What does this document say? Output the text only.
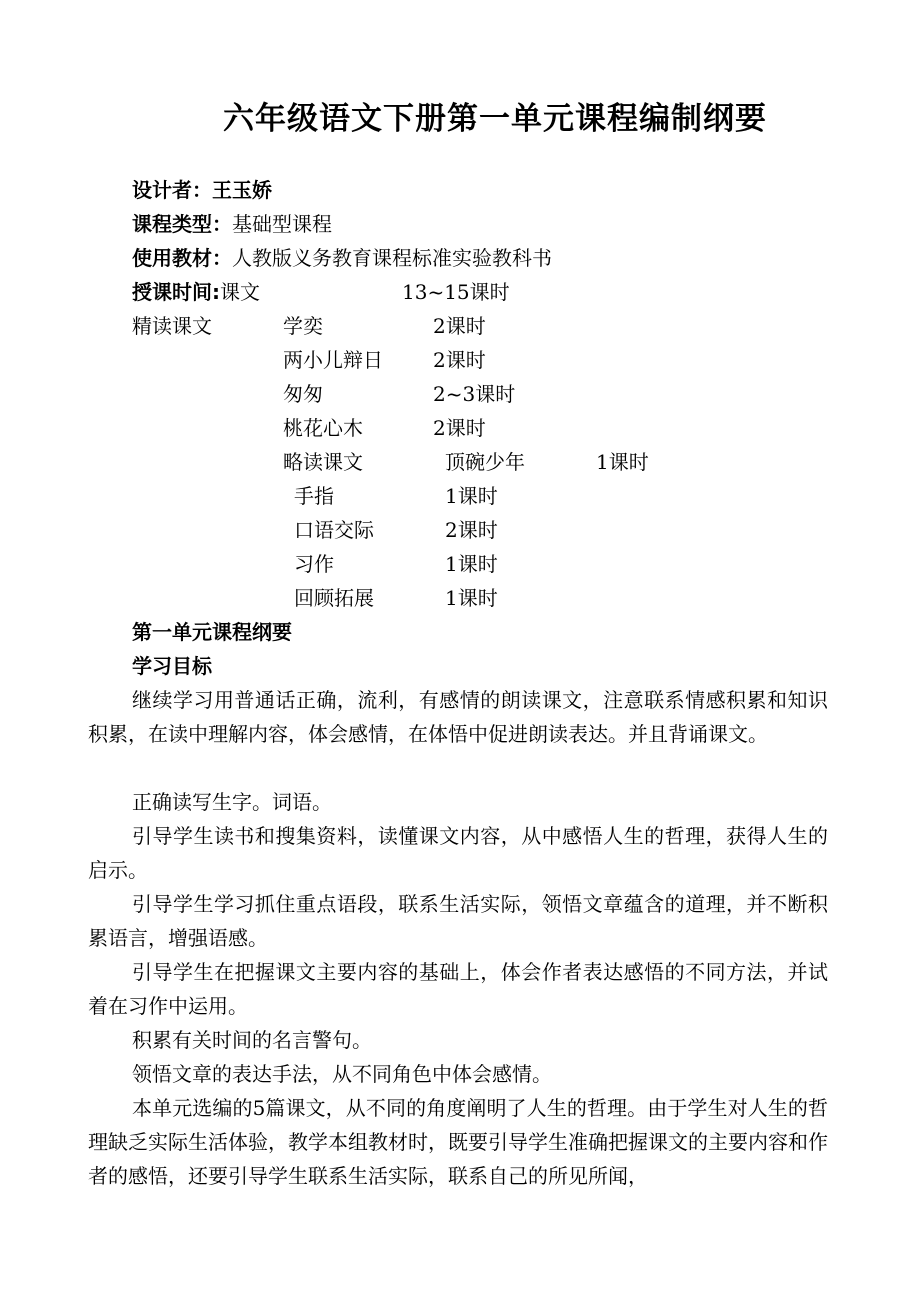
六年级语文下册第一单元课程编制纲要
设计者：王玉娇
课程类型：基础型课程
使用教材：人教版义务教育课程标准实验教科书
授课时间:课文	13~15课时
精读课文	学奕	2课时
两小儿辩日	2课时
匆匆	2~3课时
桃花心木	2课时
略读课文	顶碗少年	1课时
手指	1课时
口语交际	2课时
习作	1课时
回顾拓展	1课时
第一单元课程纲要
学习目标
继续学习用普通话正确，流利，有感情的朗读课文，注意联系情感积累和知识积累，在读中理解内容，体会感情，在体悟中促进朗读表达。并且背诵课文。
正确读写生字。词语。
引导学生读书和搜集资料，读懂课文内容，从中感悟人生的哲理，获得人生的启示。
引导学生学习抓住重点语段，联系生活实际，领悟文章蕴含的道理，并不断积累语言，增强语感。
引导学生在把握课文主要内容的基础上，体会作者表达感悟的不同方法，并试着在习作中运用。
积累有关时间的名言警句。
领悟文章的表达手法，从不同角色中体会感情。
本单元选编的5篇课文，从不同的角度阐明了人生的哲理。由于学生对人生的哲理缺乏实际生活体验，教学本组教材时，既要引导学生准确把握课文的主要内容和作者的感悟，还要引导学生联系生活实际，联系自己的所见所闻，
